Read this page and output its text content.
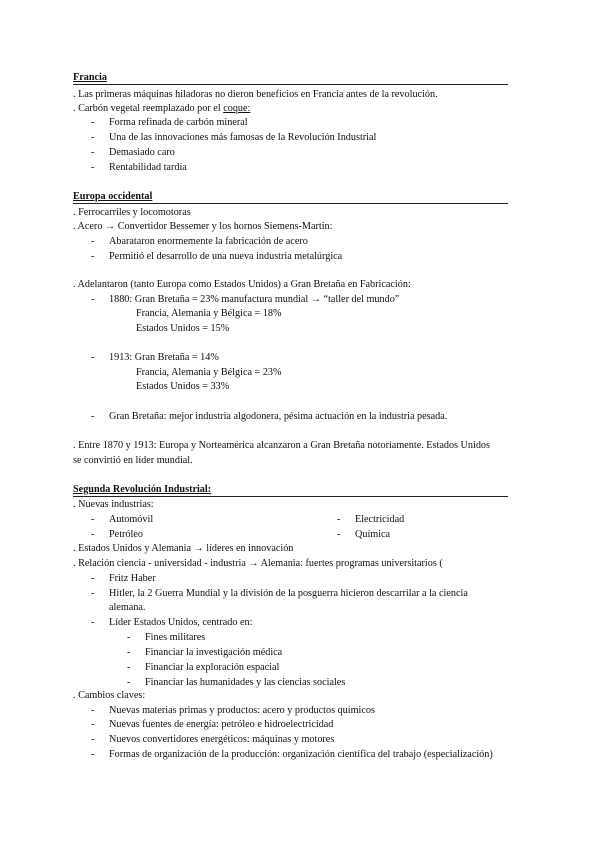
Francia
. Las primeras máquinas hiladoras no dieron beneficios en Francia antes de la revolución.
. Carbón vegetal reemplazado por el coque:
-	Forma refinada de carbón mineral
-	Una de las innovaciones más famosas de la Revolución Industrial
-	Demasiado caro
-	Rentabilidad tardía
Europa occidental
. Ferrocarriles y locomotoras
. Acero → Convertidor Bessemer y los hornos Siemens-Martin:
-	Abarataron enormemente la fabricación de acero
-	Permitió el desarrollo de una nueva industria metalúrgica
. Adelantaron (tanto Europa como Estados Unidos) a Gran Bretaña en Fabricación:
-	1880: Gran Bretaña = 23% manufactura mundial → “taller del mundo”
Francia, Alemania y Bélgica = 18%
Estados Unidos = 15%
-	1913: Gran Bretaña = 14%
Francia, Alemania y Bélgica = 23%
Estados Unidos = 33%
-	Gran Bretaña: mejor industria algodonera, pésima actuación en la industria pesada.
. Entre 1870 y 1913: Europa y Norteamérica alcanzaron a Gran Bretaña notoriamente. Estados Unidos
se convirtió en líder mundial.
Segunda Revolución Industrial:
. Nuevas industrias:
-	Automóvil	-	Electricidad
-	Petróleo	-	Química
. Estados Unidos y Alemania → líderes en innovación
. Relación ciencia - universidad - industria → Alemania: fuertes programas universitarios (
-	Fritz Haber
-	Hitler, la 2 Guerra Mundial y la división de la posguerra hicieron descarrilar a la ciencia
alemana.
-	Líder Estados Unidos, centrado en:
-	Fines militares
-	Financiar la investigación médica
-	Financiar la exploración espacial
-	Financiar las humanidades y las ciencias sociales
. Cambios claves:
-	Nuevas materias primas y productos: acero y productos químicos
-	Nuevas fuentes de energía: petróleo e hidroelectricidad
-	Nuevos convertidores energéticos: máquinas y motores
-	Formas de organización de la producción: organización científica del trabajo (especialización)
